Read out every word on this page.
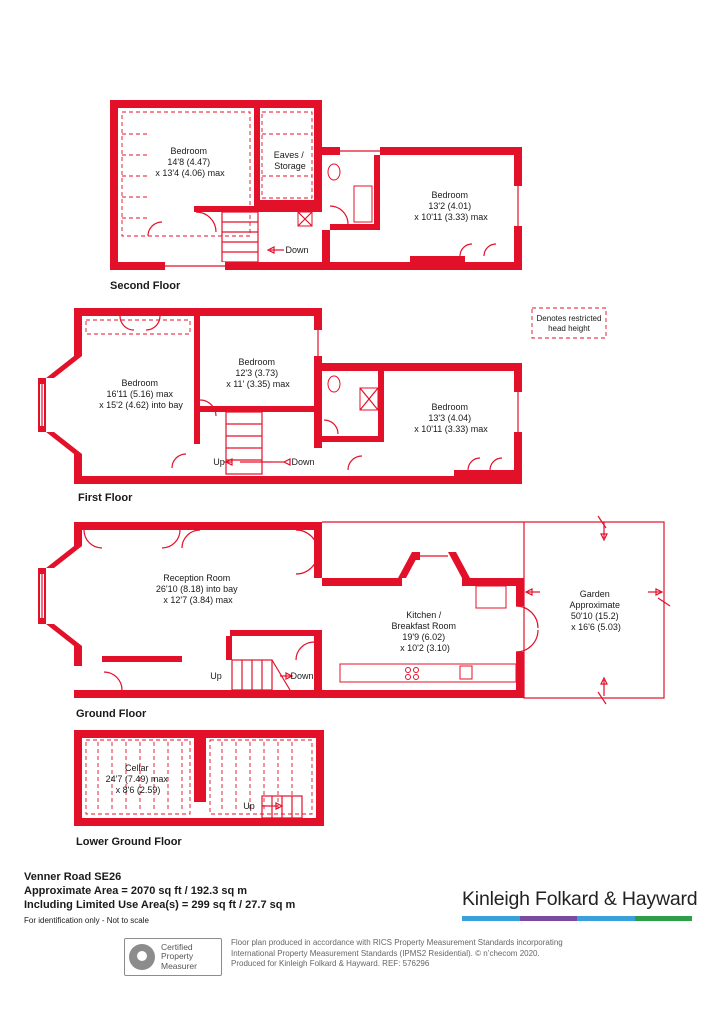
Denotes restricted
head height
Bedroom 14'8 (4.47) x 13'4 (4.06) max
Eaves / Storage
Bedroom 13'2 (4.01) x 10'11 (3.33) max
Down
Bedroom 16'11 (5.16) max x 15'2 (4.62) into bay
Bedroom 12'3 (3.73) x 11' (3.35) max
Bedroom 13'3 (4.04) x 10'11 (3.33) max
Up	Down
Reception Room 26'10 (8.18) into bay x 12'7 (3.84) max
Kitchen / Breakfast Room 19'9 (6.02) x 10'2 (3.10)
Garden Approximate 50'10 (15.2) x 16'6 (5.03)
Up	Down
Cellar 24'7 (7.49) max x 8'6 (2.59)
Up
Second Floor
First Floor
Ground Floor
Lower Ground Floor
Venner Road SE26
Approximate Area = 2070 sq ft / 192.3 sq m
Including Limited Use Area(s) = 299 sq ft / 27.7 sq m
For identification only - Not to scale
Kinleigh Folkard & Hayward
Certified
Property
Measurer
Floor plan produced in accordance with RICS Property Measurement Standards incorporating
International Property Measurement Standards (IPMS2 Residential). © n’checom 2020.
Produced for Kinleigh Folkard & Hayward. REF: 576296
